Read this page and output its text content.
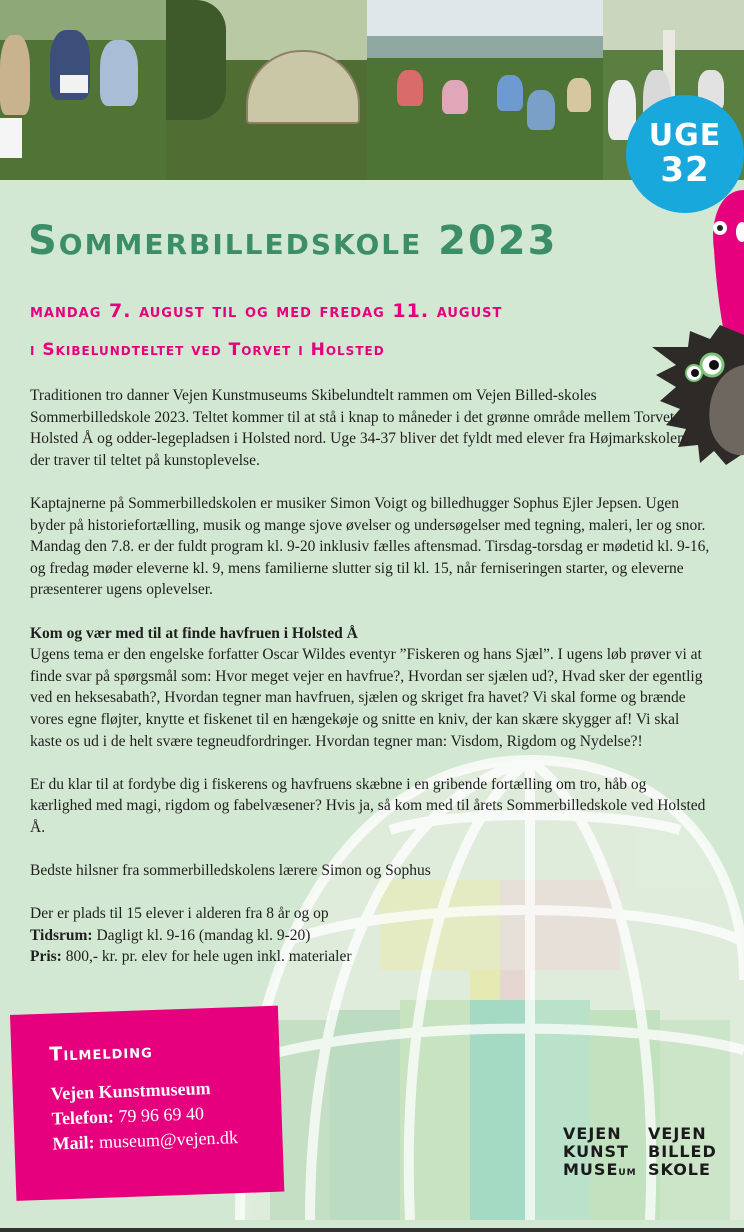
UGE
32
Sommerbilledskole 2023
mandag 7. august til og med fredag 11. august
i Skibelundteltet ved Torvet i Holsted

Traditionen tro danner Vejen Kunstmuseums Skibelundtelt rammen om Vejen Billed-skoles Sommerbilledskole 2023. Teltet kommer til at stå i knap to måneder i det grønne område mellem Torvet, Holsted Å og odder-legepladsen i Holsted nord. Uge 34-37 bliver det fyldt med elever fra Højmarkskolen, der traver til teltet på kunstoplevelse.

Kaptajnerne på Sommerbilledskolen er musiker Simon Voigt og billedhugger Sophus Ejler Jepsen. Ugen byder på historiefortælling, musik og mange sjove øvelser og undersøgelser med tegning, maleri, ler og snor. Mandag den 7.8. er der fuldt program kl. 9-20 inklusiv fælles aftensmad. Tirsdag-torsdag er mødetid kl. 9-16, og fredag møder eleverne kl. 9, mens familierne slutter sig til kl. 15, når ferniseringen starter, og eleverne præsenterer ugens oplevelser.

Kom og vær med til at finde havfruen i Holsted Å

Ugens tema er den engelske forfatter Oscar Wildes eventyr ”Fiskeren og hans Sjæl”. I ugens løb prøver vi at finde svar på spørgsmål som: Hvor meget vejer en havfrue?, Hvordan ser sjælen ud?, Hvad sker der egentlig ved en heksesabath?, Hvordan tegner man havfruen, sjælen og skriget fra havet? Vi skal forme og brænde vores egne fløjter, knytte et fiskenet til en hængekøje og snitte en kniv, der kan skære skygger af! Vi skal kaste os ud i de helt svære tegneudfordringer. Hvordan tegner man: Visdom, Rigdom og Nydelse?!

Er du klar til at fordybe dig i fiskerens og havfruens skæbne i en gribende fortælling om tro, håb og kærlighed med magi, rigdom og fabelvæsener? Hvis ja, så kom med til årets Sommerbilledskole ved Holsted Å.

Bedste hilsner fra sommerbilledskolens lærere Simon og Sophus

Der er plads til 15 elever i alderen fra 8 år og op

Tidsrum: Dagligt kl. 9-16 (mandag kl. 9-20)

Pris: 800,- kr. pr. elev for hele ugen inkl. materialer

Tilmelding
Vejen Kunstmuseum
Telefon: 79 96 69 40
Mail: museum@vejen.dk	VEJEN
KUNST
MUSEUM
VEJEN
BILLED
SKOLE
